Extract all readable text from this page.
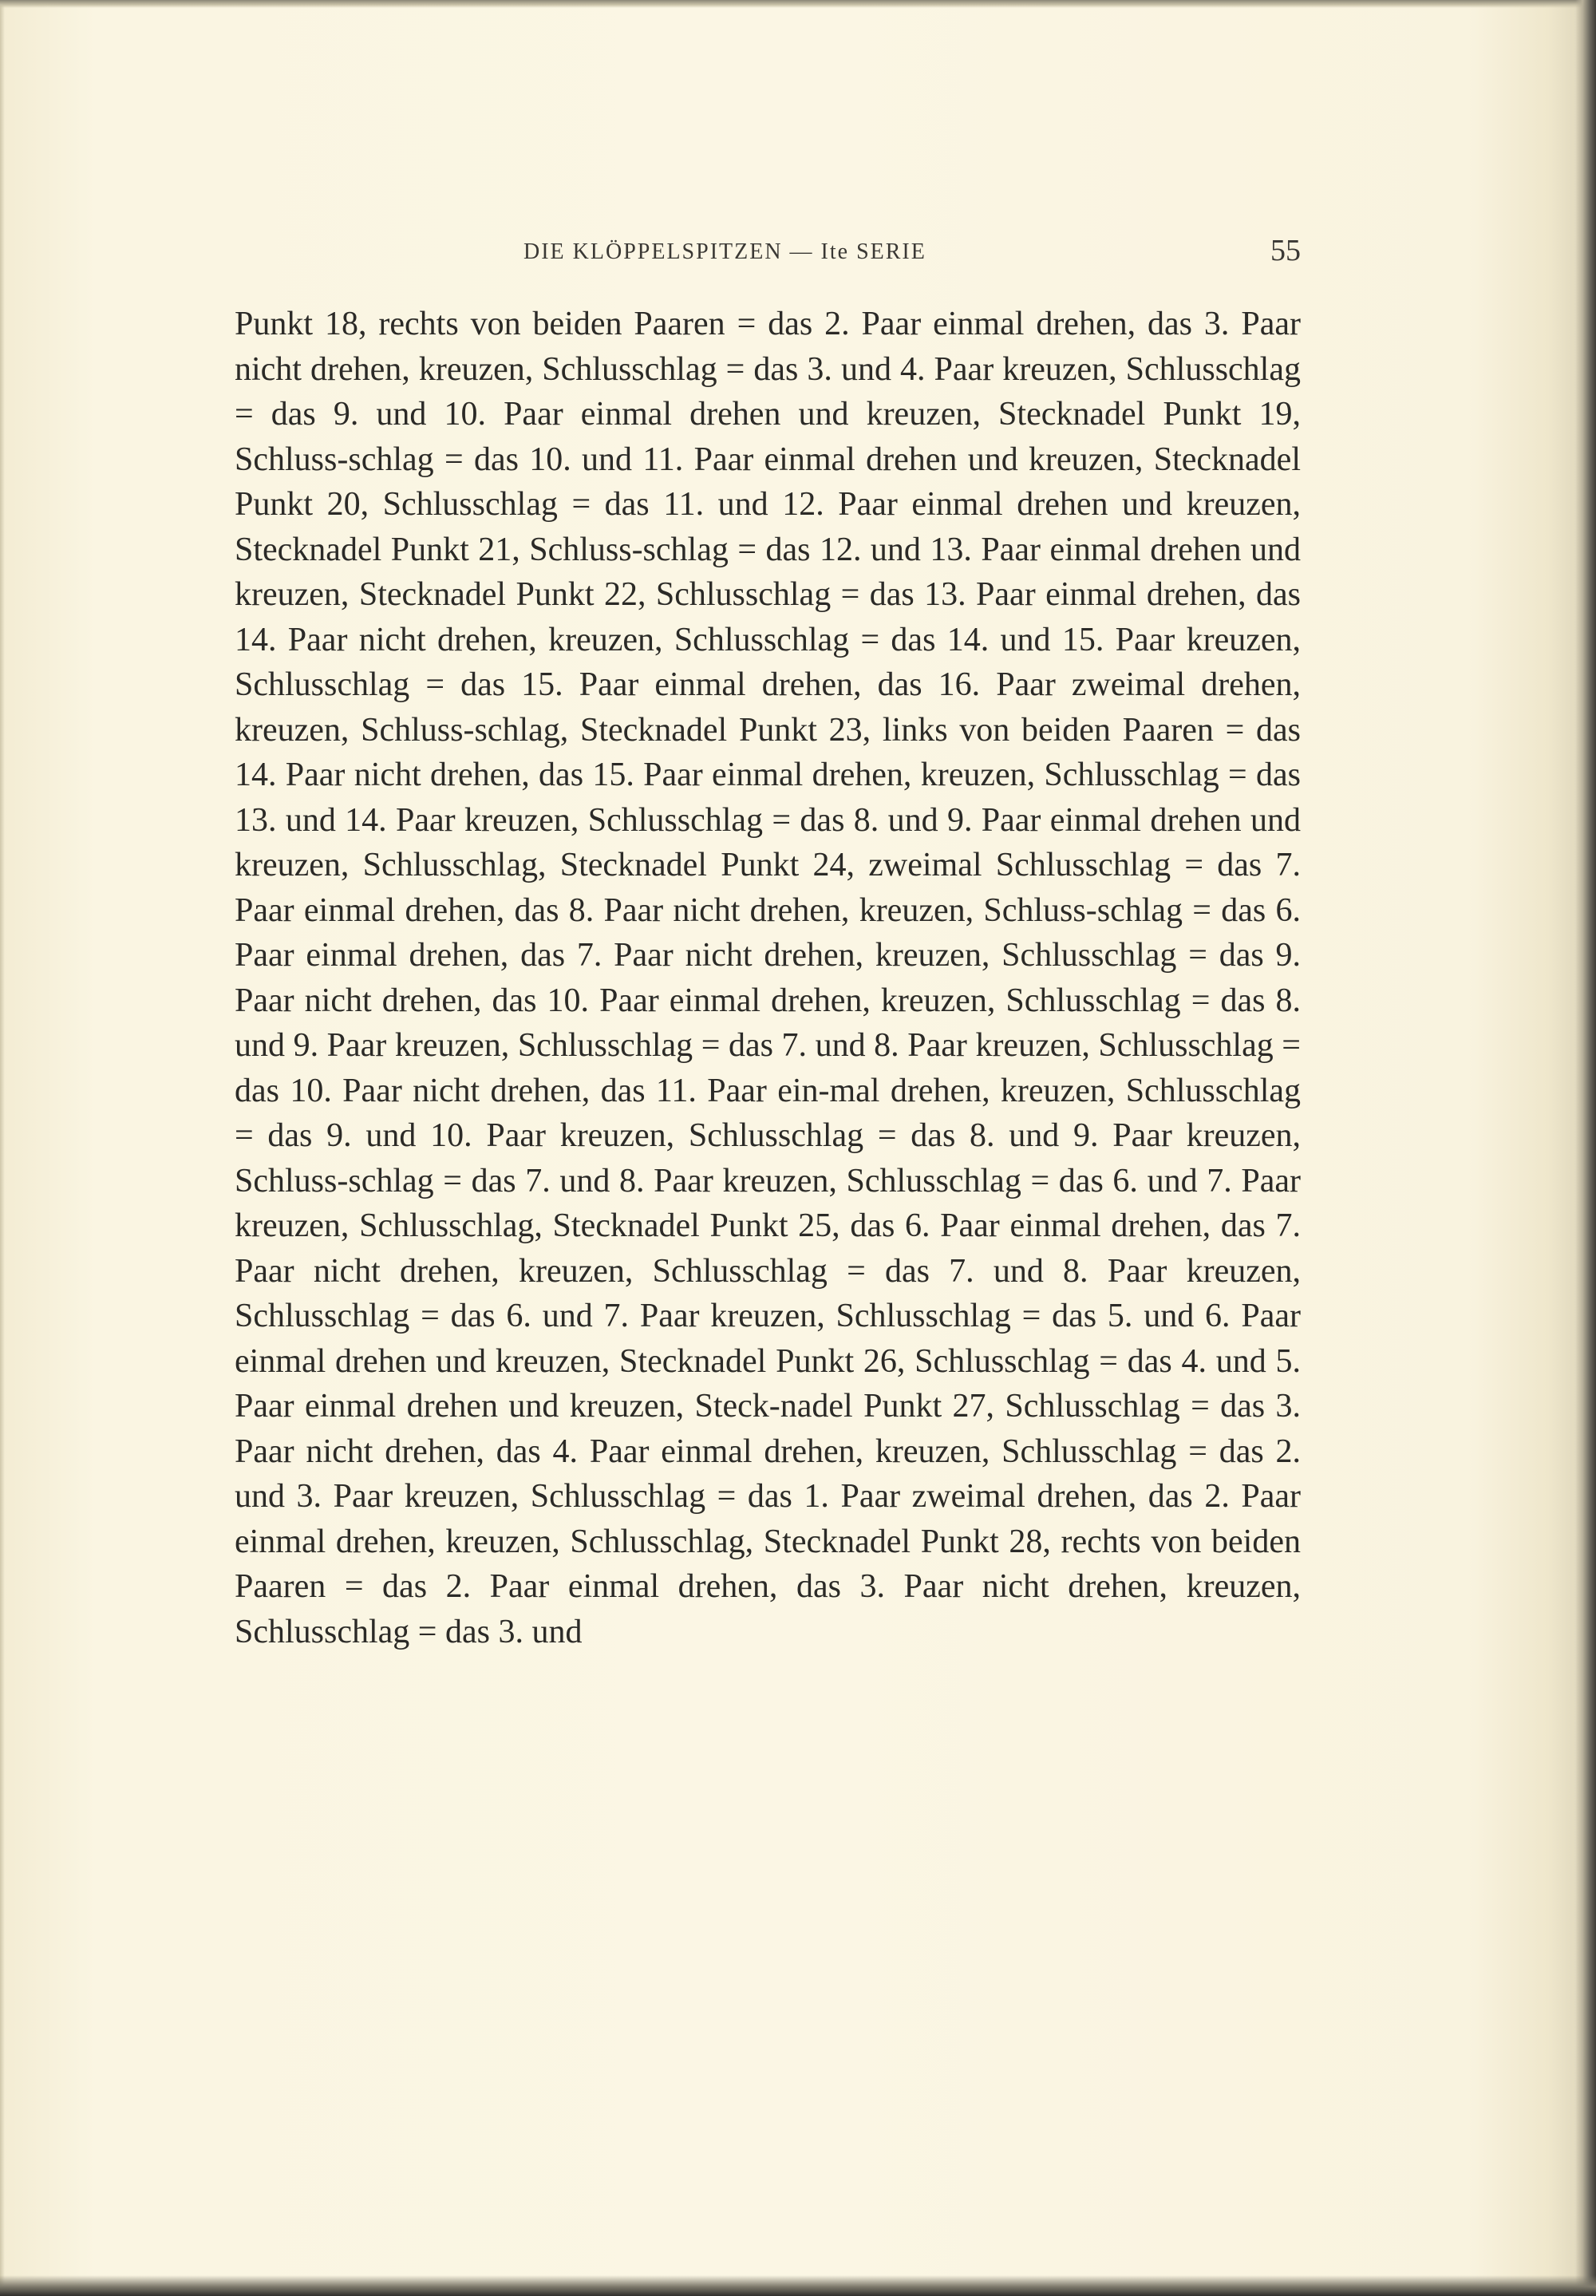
DIE KLÖPPELSPITZEN — Ite SERIE	55

Punkt 18, rechts von beiden Paaren = das 2. Paar einmal drehen, das 3. Paar nicht drehen, kreuzen, Schlusschlag = das 3. und 4. Paar kreuzen, Schlusschlag = das 9. und 10. Paar einmal drehen und kreuzen, Stecknadel Punkt 19, Schluss-schlag = das 10. und 11. Paar einmal drehen und kreuzen, Stecknadel Punkt 20, Schlusschlag = das 11. und 12. Paar einmal drehen und kreuzen, Stecknadel Punkt 21, Schluss-schlag = das 12. und 13. Paar einmal drehen und kreuzen, Stecknadel Punkt 22, Schlusschlag = das 13. Paar einmal drehen, das 14. Paar nicht drehen, kreuzen, Schlusschlag = das 14. und 15. Paar kreuzen, Schlusschlag = das 15. Paar einmal drehen, das 16. Paar zweimal drehen, kreuzen, Schluss-schlag, Stecknadel Punkt 23, links von beiden Paaren = das 14. Paar nicht drehen, das 15. Paar einmal drehen, kreuzen, Schlusschlag = das 13. und 14. Paar kreuzen, Schlusschlag = das 8. und 9. Paar einmal drehen und kreuzen, Schlusschlag, Stecknadel Punkt 24, zweimal Schlusschlag = das 7. Paar einmal drehen, das 8. Paar nicht drehen, kreuzen, Schluss-schlag = das 6. Paar einmal drehen, das 7. Paar nicht drehen, kreuzen, Schlusschlag = das 9. Paar nicht drehen, das 10. Paar einmal drehen, kreuzen, Schlusschlag = das 8. und 9. Paar kreuzen, Schlusschlag = das 7. und 8. Paar kreuzen, Schlusschlag = das 10. Paar nicht drehen, das 11. Paar ein-mal drehen, kreuzen, Schlusschlag = das 9. und 10. Paar kreuzen, Schlusschlag = das 8. und 9. Paar kreuzen, Schluss-schlag = das 7. und 8. Paar kreuzen, Schlusschlag = das 6. und 7. Paar kreuzen, Schlusschlag, Stecknadel Punkt 25, das 6. Paar einmal drehen, das 7. Paar nicht drehen, kreuzen, Schlusschlag = das 7. und 8. Paar kreuzen, Schlusschlag = das 6. und 7. Paar kreuzen, Schlusschlag = das 5. und 6. Paar einmal drehen und kreuzen, Stecknadel Punkt 26, Schlusschlag = das 4. und 5. Paar einmal drehen und kreuzen, Steck-nadel Punkt 27, Schlusschlag = das 3. Paar nicht drehen, das 4. Paar einmal drehen, kreuzen, Schlusschlag = das 2. und 3. Paar kreuzen, Schlusschlag = das 1. Paar zweimal drehen, das 2. Paar einmal drehen, kreuzen, Schlusschlag, Stecknadel Punkt 28, rechts von beiden Paaren = das 2. Paar einmal drehen, das 3. Paar nicht drehen, kreuzen, Schlusschlag = das 3. und
